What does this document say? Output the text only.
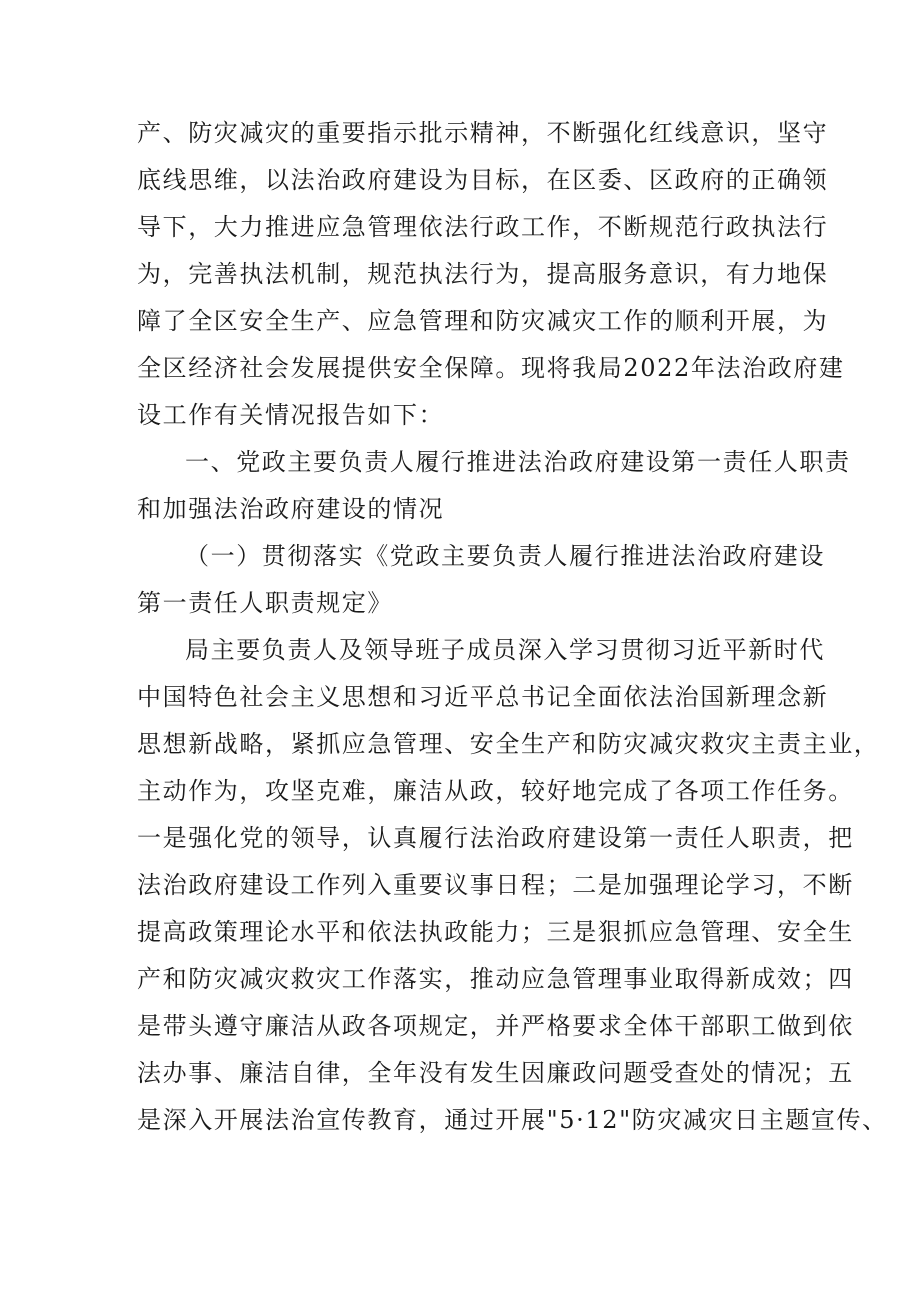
产、防灾减灾的重要指示批示精神，不断强化红线意识，坚守
底线思维，以法治政府建设为目标，在区委、区政府的正确领
导下，大力推进应急管理依法行政工作，不断规范行政执法行
为，完善执法机制，规范执法行为，提高服务意识，有力地保
障了全区安全生产、应急管理和防灾减灾工作的顺利开展，为
全区经济社会发展提供安全保障。现将我局2022年法治政府建
设工作有关情况报告如下：
一、党政主要负责人履行推进法治政府建设第一责任人职责
和加强法治政府建设的情况
（一）贯彻落实《党政主要负责人履行推进法治政府建设
第一责任人职责规定》
局主要负责人及领导班子成员深入学习贯彻习近平新时代
中国特色社会主义思想和习近平总书记全面依法治国新理念新
思想新战略，紧抓应急管理、安全生产和防灾减灾救灾主责主业，
主动作为，攻坚克难，廉洁从政，较好地完成了各项工作任务。
一是强化党的领导，认真履行法治政府建设第一责任人职责，把
法治政府建设工作列入重要议事日程；二是加强理论学习，不断
提高政策理论水平和依法执政能力；三是狠抓应急管理、安全生
产和防灾减灾救灾工作落实，推动应急管理事业取得新成效；四
是带头遵守廉洁从政各项规定，并严格要求全体干部职工做到依
法办事、廉洁自律，全年没有发生因廉政问题受查处的情况；五
是深入开展法治宣传教育，通过开展"5·12"防灾减灾日主题宣传、
